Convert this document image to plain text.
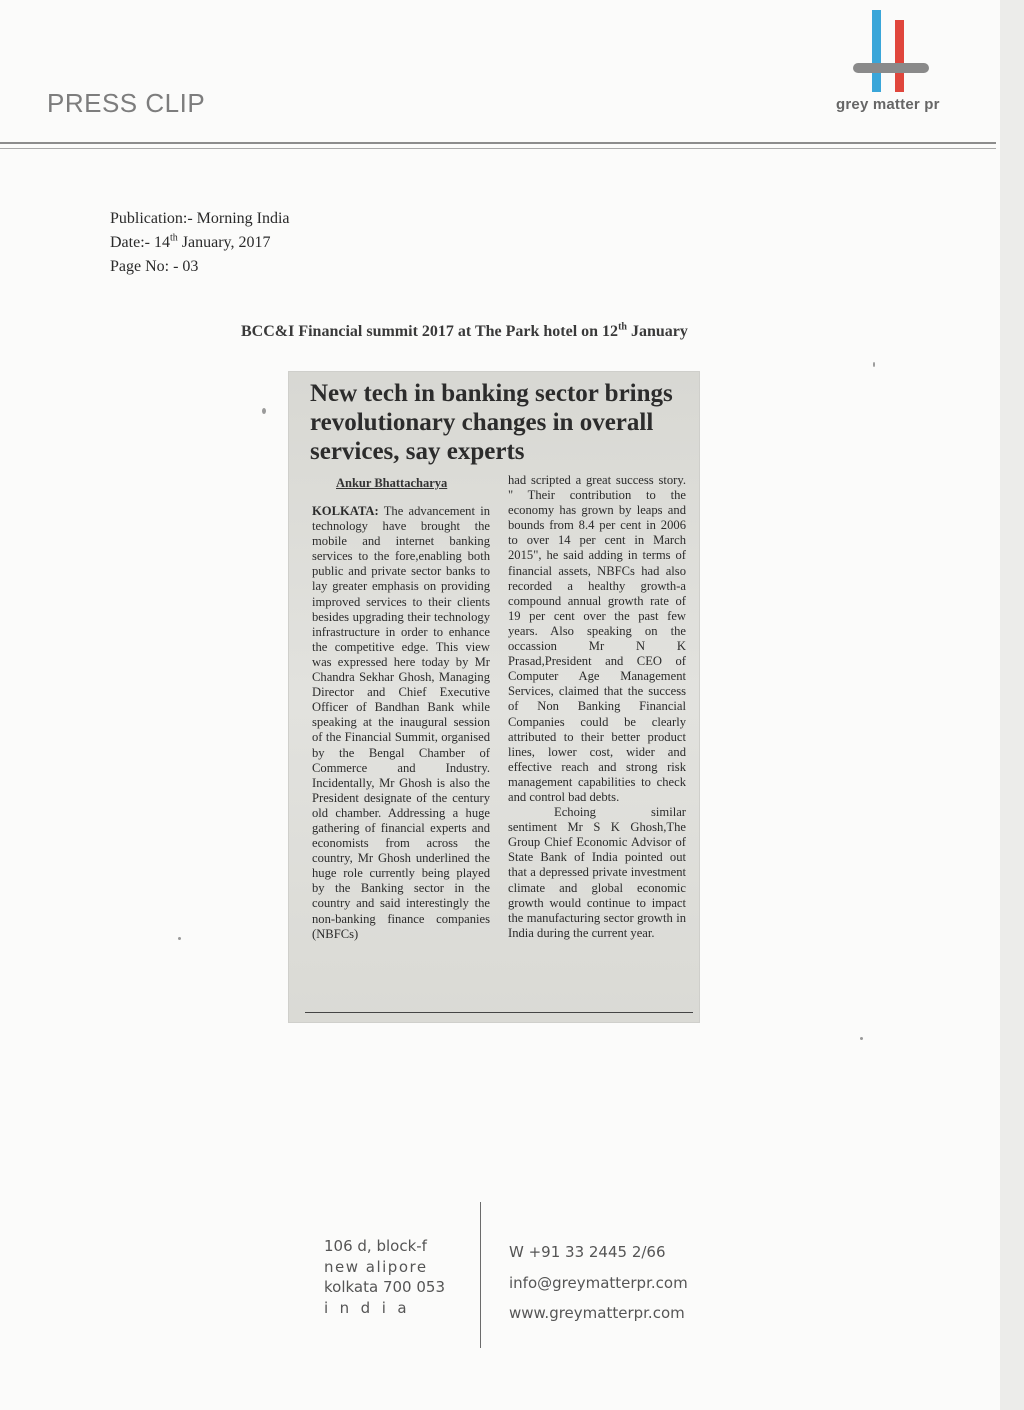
PRESS CLIP	grey matter pr
Publication:- Morning India
Date:- 14th January, 2017
Page No: - 03
BCC&I Financial summit 2017 at The Park hotel on 12th January
New tech in banking sector brings revolutionary changes in overall services, say experts
Ankur Bhattacharya

KOLKATA: The advancement in technology have brought the mobile and internet banking services to the fore,enabling both public and private sector banks to lay greater emphasis on providing improved services to their clients besides upgrading their technology infrastructure in order to enhance the competitive edge. This view was expressed here today by Mr Chandra Sekhar Ghosh, Managing Director and Chief Executive Officer of Bandhan Bank while speaking at the inaugural session of the Financial Summit, organised by the Bengal Chamber of Commerce and Industry. Incidentally, Mr Ghosh is also the President designate of the century old chamber. Addressing a huge gathering of financial experts and economists from across the country, Mr Ghosh underlined the huge role currently being played by the Banking sector in the country and said interestingly the non-banking finance companies (NBFCs)

had scripted a great success story. " Their contribution to the economy has grown by leaps and bounds from 8.4 per cent in 2006 to over 14 per cent in March 2015", he said adding in terms of financial assets, NBFCs had also recorded a healthy growth-a compound annual growth rate of 19 per cent over the past few years. Also speaking on the occassion Mr N K Prasad,President and CEO of Computer Age Management Services, claimed that the success of Non Banking Financial Companies could be clearly attributed to their better product lines, lower cost, wider and effective reach and strong risk management capabilities to check and control bad debts.

Echoing similar sentiment Mr S K Ghosh,The Group Chief Economic Advisor of State Bank of India pointed out that a depressed private investment climate and global economic growth would continue to impact the manufacturing sector growth in India during the current year.

106 d, block-f
new alipore
kolkata 700 053
india
W +91 33 2445 2/66
info@greymatterpr.com
www.greymatterpr.com
